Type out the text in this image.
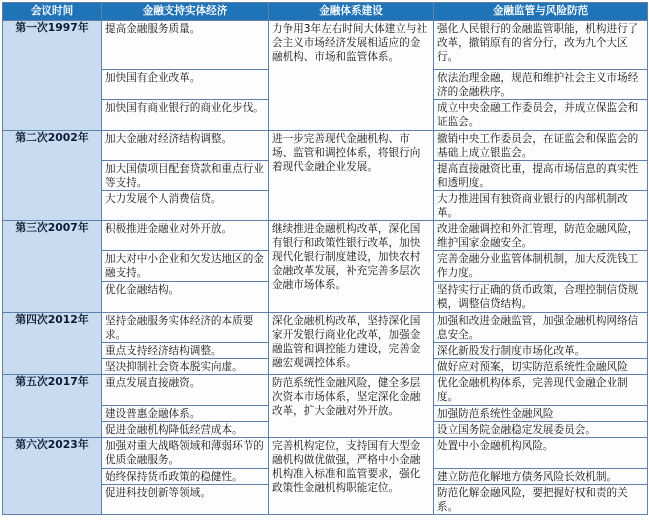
会议时间	金融支持实体经济	金融体系建设	金融监管与风险防范
第一次1997年	提高金融服务质量。	力争用3年左右时间大体建立与社会主义市场经济发展相适应的金融机构、市场和监管体系。	强化人民银行的金融监管职能，机构进行了改革，撤销原有的省分行，改为九个大区行。

	加快国有企业改革。		依法治理金融，规范和维护社会主义市场经济的金融秩序。

	加快国有商业银行的商业化步伐。		成立中央金融工作委员会，并成立保监会和证监会。

第二次2002年	加大金融对经济结构调整。	进一步完善现代金融机构、市场、监管和调控体系，将银行向着现代金融企业发展。	撤销中央工作委员会，在证监会和保监会的基础上成立银监会。

	加大国债项目配套贷款和重点行业等支持。		提高直接融资比重，提高市场信息的真实性和透明度。

	大力发展个人消费信贷。		大力推进国有独资商业银行的内部机制改革。

第三次2007年	积极推进金融业对外开放。	继续推进金融机构改革，深化国有银行和政策性银行改革，加快现代化银行制度建设，加快农村金融改革发展，补充完善多层次金融市场体系。	改进金融调控和外汇管理，防范金融风险，维护国家金融安全。

	加大对中小企业和欠发达地区的金融支持。		完善金融分业监管体制机制，加大反洗钱工作力度。

	优化金融结构。		坚持实行正确的货币政策，合理控制信贷规模，调整信贷结构。

第四次2012年	坚持金融服务实体经济的本质要求。	深化金融机构改革，坚持深化国家开发银行商业化改革，加强金融监管和调控能力建设，完善金融宏观调控体系。	加强和改进金融监管，加强金融机构网络信息安全。

	重点支持经济结构调整。		深化新股发行制度市场化改革。

	坚决抑制社会资本脱实向虚。		做好应对预案，切实防范系统性金融风险

第五次2017年	重点发展直接融资。	防范系统性金融风险，健全多层次资本市场体系，坚定深化金融改革，扩大金融对外开放。	优化金融机构体系，完善现代金融企业制度。

	建设普惠金融体系。		加强防范系统性金融风险

	促进金融机构降低经营成本。		设立国务院金融稳定发展委员会。

第六次2023年	加强对重大战略领域和薄弱环节的优质金融服务。	完善机构定位，支持国有大型金融机构做优做强，严格中小金融机构准入标准和监管要求，强化政策性金融机构职能定位。	处置中小金融机构风险。

	始终保持货币政策的稳健性。		建立防范化解地方债务风险长效机制。

	促进科技创新等领域。		防范化解金融风险，要把握好权和责的关系。
